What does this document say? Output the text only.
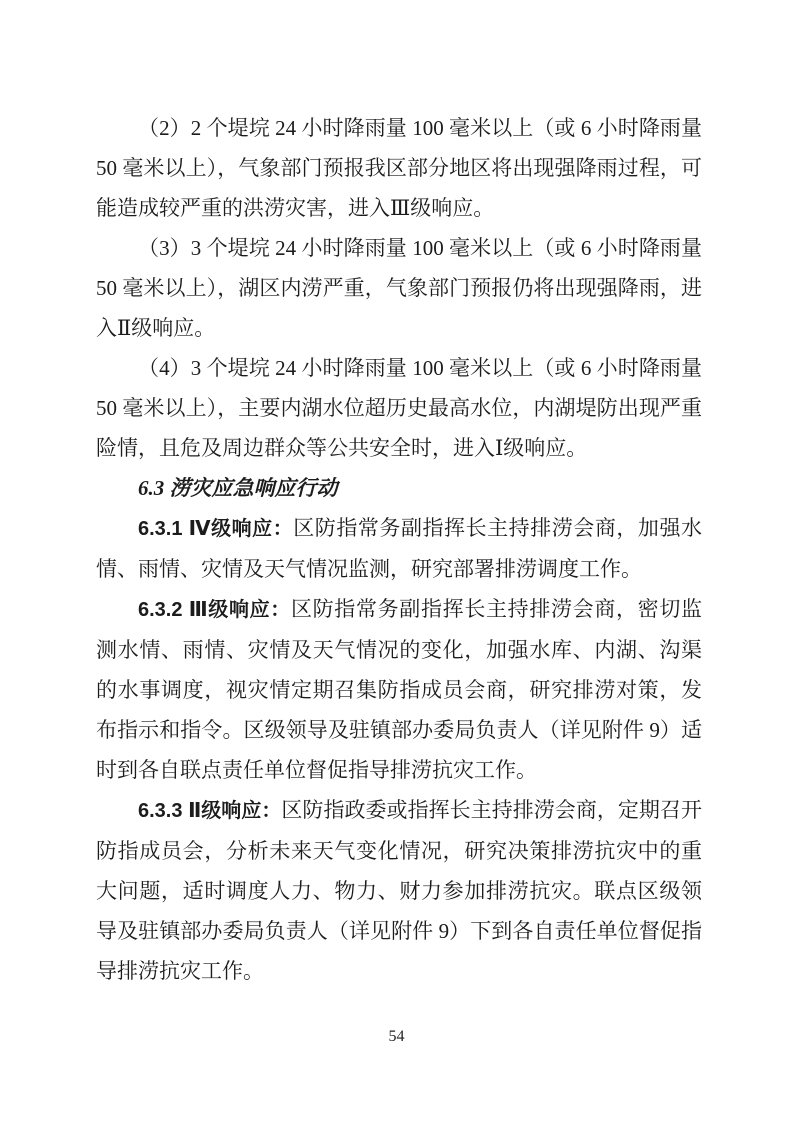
（2）2 个堤垸 24 小时降雨量 100 毫米以上（或 6 小时降雨量 50 毫米以上），气象部门预报我区部分地区将出现强降雨过程，可能造成较严重的洪涝灾害，进入Ⅲ级响应。

（3）3 个堤垸 24 小时降雨量 100 毫米以上（或 6 小时降雨量 50 毫米以上），湖区内涝严重，气象部门预报仍将出现强降雨，进入Ⅱ级响应。

（4）3 个堤垸 24 小时降雨量 100 毫米以上（或 6 小时降雨量 50 毫米以上），主要内湖水位超历史最高水位，内湖堤防出现严重险情，且危及周边群众等公共安全时，进入Ⅰ级响应。

6.3 涝灾应急响应行动

6.3.1 Ⅳ级响应：区防指常务副指挥长主持排涝会商，加强水情、雨情、灾情及天气情况监测，研究部署排涝调度工作。

6.3.2 Ⅲ级响应：区防指常务副指挥长主持排涝会商，密切监测水情、雨情、灾情及天气情况的变化，加强水库、内湖、沟渠的水事调度，视灾情定期召集防指成员会商，研究排涝对策，发布指示和指令。区级领导及驻镇部办委局负责人（详见附件 9）适时到各自联点责任单位督促指导排涝抗灾工作。

6.3.3 Ⅱ级响应：区防指政委或指挥长主持排涝会商，定期召开防指成员会，分析未来天气变化情况，研究决策排涝抗灾中的重大问题，适时调度人力、物力、财力参加排涝抗灾。联点区级领导及驻镇部办委局负责人（详见附件 9）下到各自责任单位督促指导排涝抗灾工作。

54
